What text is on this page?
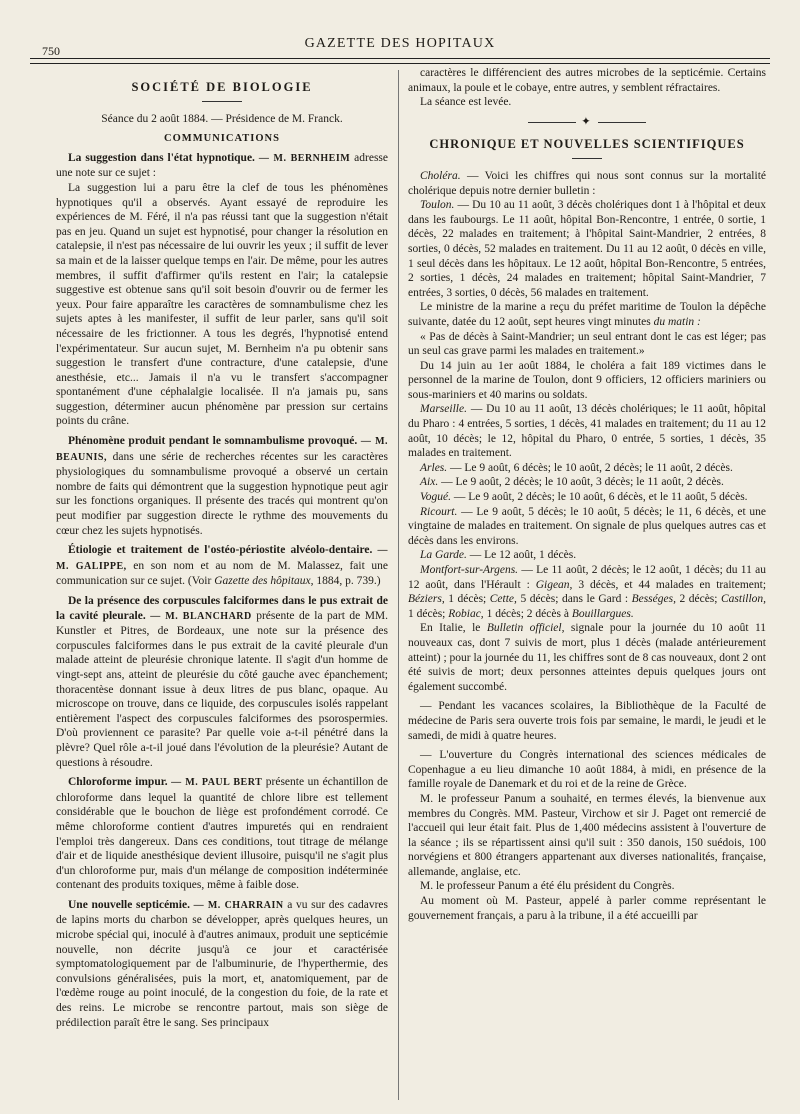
750	GAZETTE DES HOPITAUX
SOCIÉTÉ DE BIOLOGIE

Séance du 2 août 1884. — Présidence de M. Franck.

COMMUNICATIONS

La suggestion dans l'état hypnotique. — M. BERNHEIM adresse une note sur ce sujet :

La suggestion lui a paru être la clef de tous les phénomènes hypnotiques qu'il a observés. Ayant essayé de reproduire les expériences de M. Féré, il n'a pas réussi tant que la suggestion n'était pas en jeu. Quand un sujet est hypnotisé, pour changer la résolution en catalepsie, il n'est pas nécessaire de lui ouvrir les yeux ; il suffit de lever sa main et de la laisser quelque temps en l'air. De même, pour les autres membres, il suffit d'affirmer qu'ils restent en l'air; la catalepsie suggestive est obtenue sans qu'il soit besoin d'ouvrir ou de fermer les yeux. Pour faire apparaître les caractères de somnambulisme chez les sujets aptes à les manifester, il suffit de leur parler, sans qu'il soit nécessaire de les frictionner. A tous les degrés, l'hypnotisé entend l'expérimentateur. Sur aucun sujet, M. Bernheim n'a pu obtenir sans suggestion le transfert d'une contracture, d'une catalepsie, d'une anesthésie, etc... Jamais il n'a vu le transfert s'accompagner spontanément d'une céphalalgie localisée. Il n'a jamais pu, sans suggestion, déterminer aucun phénomène par pression sur certains points du crâne.

Phénomène produit pendant le somnambulisme provoqué. — M. BEAUNIS, dans une série de recherches récentes sur les caractères physiologiques du somnambulisme provoqué a observé un certain nombre de faits qui démontrent que la suggestion hypnotique peut agir sur les fonctions organiques. Il présente des tracés qui montrent qu'on peut modifier par suggestion directe le rythme des mouvements du cœur chez les sujets hypnotisés.

Étiologie et traitement de l'ostéo-périostite alvéolo-dentaire. — M. GALIPPE, en son nom et au nom de M. Malassez, fait une communication sur ce sujet. (Voir Gazette des hôpitaux, 1884, p. 739.)

De la présence des corpuscules falciformes dans le pus extrait de la cavité pleurale. — M. BLANCHARD présente de la part de MM. Kunstler et Pitres, de Bordeaux, une note sur la présence des corpuscules falciformes dans le pus extrait de la cavité pleurale d'un malade atteint de pleurésie chronique latente. Il s'agit d'un homme de vingt-sept ans, atteint de pleurésie du côté gauche avec épanchement; thoracentèse donnant issue à deux litres de pus blanc, opaque. Au microscope on trouve, dans ce liquide, des corpuscules isolés rappelant entièrement l'aspect des corpuscules falciformes des psorospermies. D'où proviennent ce parasite? Par quelle voie a-t-il pénétré dans la plèvre? Quel rôle a-t-il joué dans l'évolution de la pleurésie? Autant de questions à résoudre.

Chloroforme impur. — M. PAUL BERT présente un échantillon de chloroforme dans lequel la quantité de chlore libre est tellement considérable que le bouchon de liège est profondément corrodé. Ce même chloroforme contient d'autres impuretés qui en rendraient l'emploi très dangereux. Dans ces conditions, tout titrage de mélange d'air et de liquide anesthésique devient illusoire, puisqu'il ne s'agit plus d'un chloroforme pur, mais d'un mélange de composition indéterminée contenant des produits toxiques, même à faible dose.

Une nouvelle septicémie. — M. CHARRAIN a vu sur des cadavres de lapins morts du charbon se développer, après quelques heures, un microbe spécial qui, inoculé à d'autres animaux, produit une septicémie nouvelle, non décrite jusqu'à ce jour et caractérisée symptomatologiquement par de l'albuminurie, de l'hyperthermie, des convulsions généralisées, puis la mort, et, anatomiquement, par de l'œdème rouge au point inoculé, de la congestion du foie, de la rate et des reins. Le microbe se rencontre partout, mais son siège de prédilection paraît être le sang. Ses principaux

caractères le différencient des autres microbes de la septicémie. Certains animaux, la poule et le cobaye, entre autres, y semblent réfractaires.

La séance est levée.

✦
CHRONIQUE ET NOUVELLES SCIENTIFIQUES

Choléra. — Voici les chiffres qui nous sont connus sur la mortalité cholérique depuis notre dernier bulletin :

Toulon. — Du 10 au 11 août, 3 décès cholériques dont 1 à l'hôpital et deux dans les faubourgs. Le 11 août, hôpital Bon-Rencontre, 1 entrée, 0 sortie, 1 décès, 22 malades en traitement; à l'hôpital Saint-Mandrier, 2 entrées, 8 sorties, 0 décès, 52 malades en traitement. Du 11 au 12 août, 0 décès en ville, 1 seul décès dans les hôpitaux. Le 12 août, hôpital Bon-Rencontre, 5 entrées, 2 sorties, 1 décès, 24 malades en traitement; hôpital Saint-Mandrier, 7 entrées, 3 sorties, 0 décès, 56 malades en traitement.

Le ministre de la marine a reçu du préfet maritime de Toulon la dépêche suivante, datée du 12 août, sept heures vingt minutes du matin :

« Pas de décès à Saint-Mandrier; un seul entrant dont le cas est léger; pas un seul cas grave parmi les malades en traitement.»

Du 14 juin au 1er août 1884, le choléra a fait 189 victimes dans le personnel de la marine de Toulon, dont 9 officiers, 12 officiers mariniers ou sous-mariniers et 40 marins ou soldats.

Marseille. — Du 10 au 11 août, 13 décès cholériques; le 11 août, hôpital du Pharo : 4 entrées, 5 sorties, 1 décès, 41 malades en traitement; du 11 au 12 août, 10 décès; le 12, hôpital du Pharo, 0 entrée, 5 sorties, 1 décès, 35 malades en traitement.

Arles. — Le 9 août, 6 décès; le 10 août, 2 décès; le 11 août, 2 décès.

Aix. — Le 9 août, 2 décès; le 10 août, 3 décès; le 11 août, 2 décès.

Vogué. — Le 9 août, 2 décès; le 10 août, 6 décès, et le 11 août, 5 décès.

Ricourt. — Le 9 août, 5 décès; le 10 août, 5 décès; le 11, 6 décès, et une vingtaine de malades en traitement. On signale de plus quelques autres cas et décès dans les environs.

La Garde. — Le 12 août, 1 décès.

Montfort-sur-Argens. — Le 11 août, 2 décès; le 12 août, 1 décès; du 11 au 12 août, dans l'Hérault : Gigean, 3 décès, et 44 malades en traitement; Béziers, 1 décès; Cette, 5 décès; dans le Gard : Bességes, 2 décès; Castillon, 1 décès; Robiac, 1 décès; 2 décès à Bouillargues.

En Italie, le Bulletin officiel, signale pour la journée du 10 août 11 nouveaux cas, dont 7 suivis de mort, plus 1 décès (malade antérieurement atteint) ; pour la journée du 11, les chiffres sont de 8 cas nouveaux, dont 2 ont été suivis de mort; deux personnes atteintes depuis quelques jours ont également succombé.

— Pendant les vacances scolaires, la Bibliothèque de la Faculté de médecine de Paris sera ouverte trois fois par semaine, le mardi, le jeudi et le samedi, de midi à quatre heures.

— L'ouverture du Congrès international des sciences médicales de Copenhague a eu lieu dimanche 10 août 1884, à midi, en présence de la famille royale de Danemark et du roi et de la reine de Grèce.

M. le professeur Panum a souhaité, en termes élevés, la bienvenue aux membres du Congrès. MM. Pasteur, Virchow et sir J. Paget ont remercié de l'accueil qui leur était fait. Plus de 1,400 médecins assistent à l'ouverture de la séance ; ils se répartissent ainsi qu'il suit : 350 danois, 150 suédois, 100 norvégiens et 800 étrangers appartenant aux diverses nationalités, française, allemande, anglaise, etc.

M. le professeur Panum a été élu président du Congrès.

Au moment où M. Pasteur, appelé à parler comme représentant le gouvernement français, a paru à la tribune, il a été accueilli par
